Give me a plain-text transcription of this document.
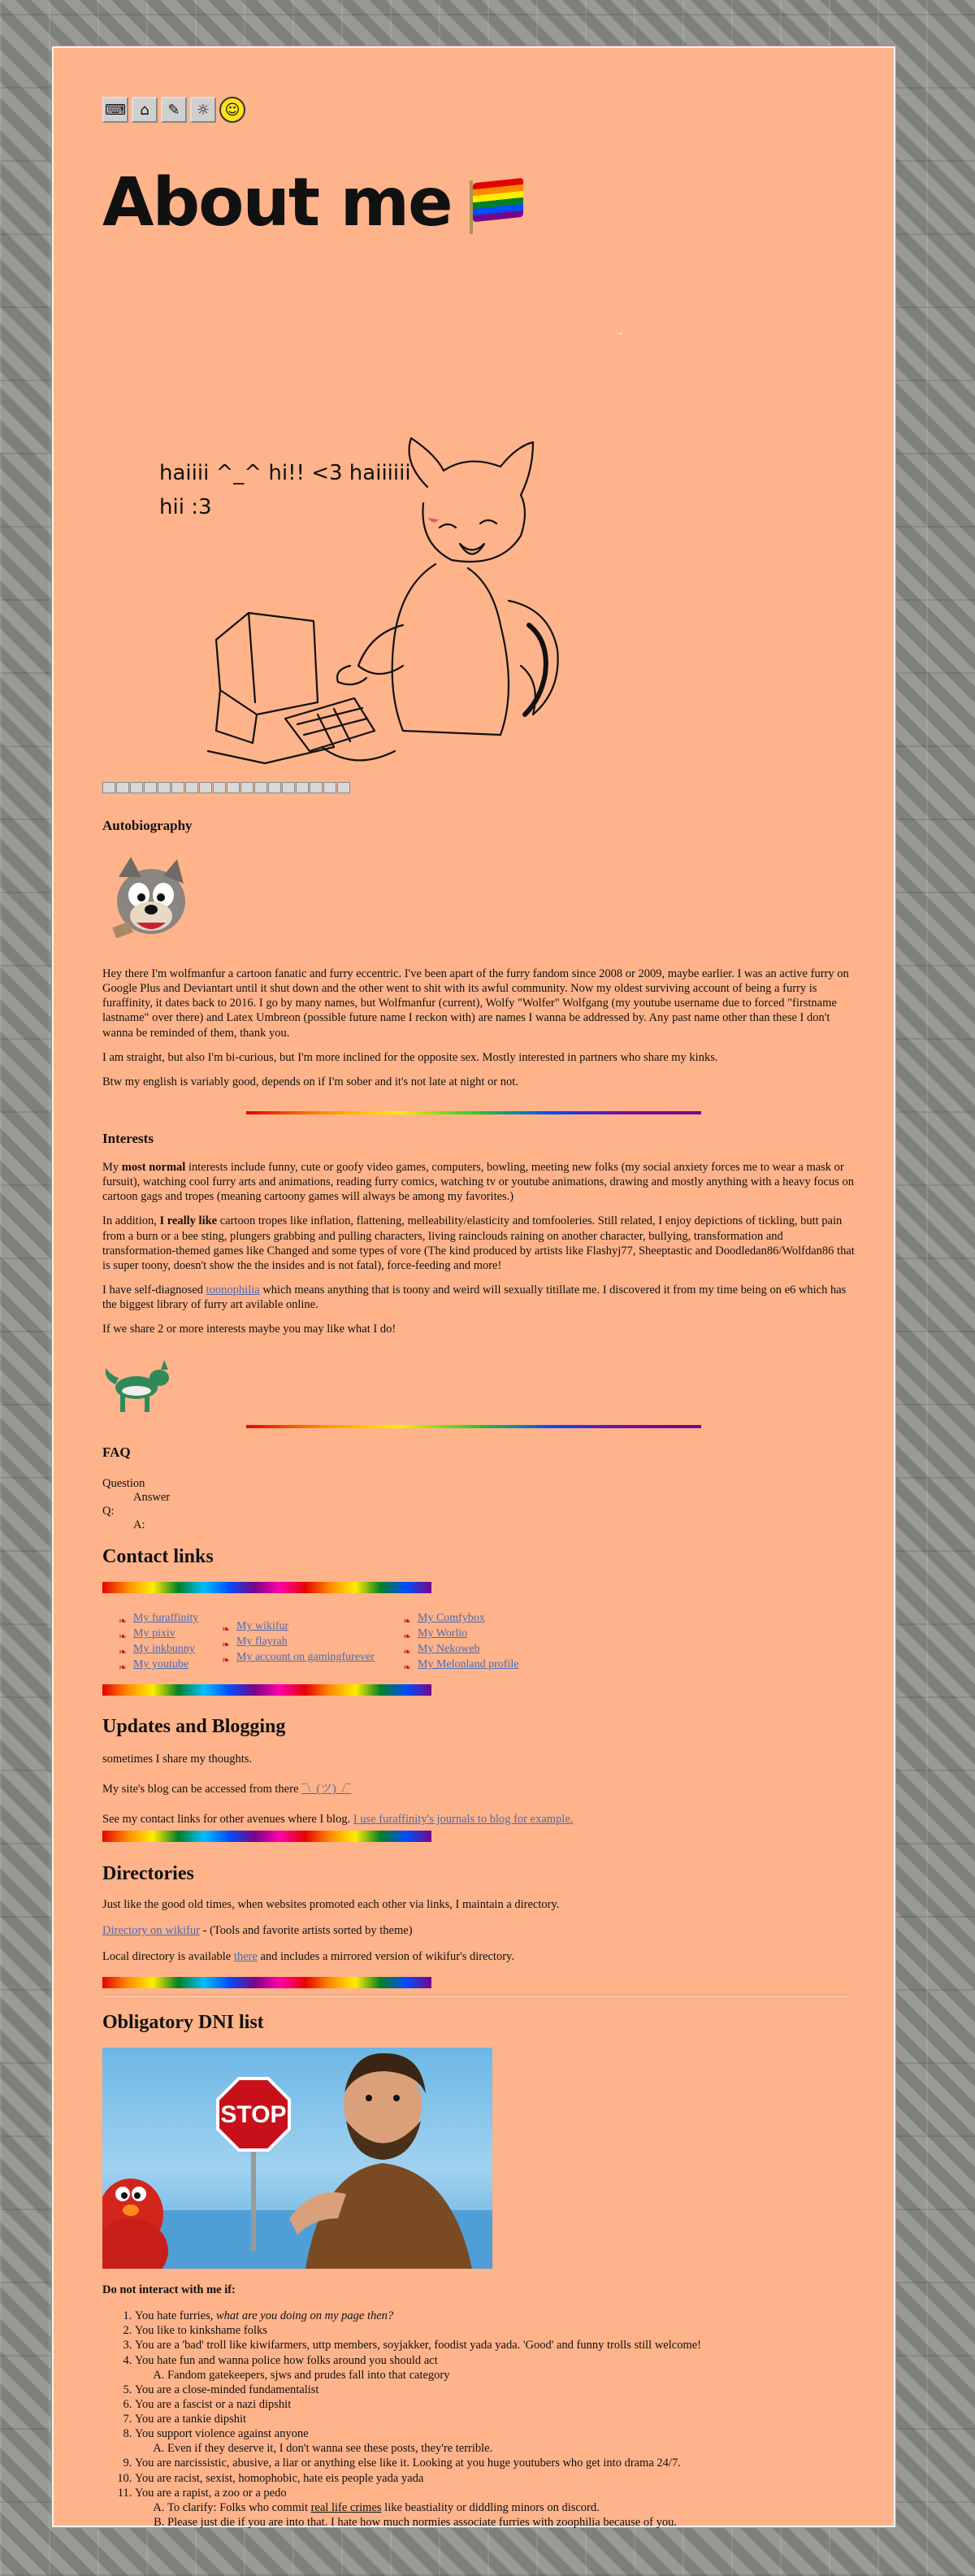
⌨ ⌂	✎	☼	☺
About me
→
haiiii ^_^ hi!! <3 haiiiiii
hii :3
Autobiography

Hey there I'm wolfmanfur a cartoon fanatic and furry eccentric. I've been apart of the furry fandom since 2008 or 2009, maybe earlier. I was an active furry on Google Plus and Deviantart until it shut down and the other went to shit with its awful community. Now my oldest surviving account of being a furry is furaffinity, it dates back to 2016. I go by many names, but Wolfmanfur (current), Wolfy "Wolfer" Wolfgang (my youtube username due to forced "firstname lastname" over there) and Latex Umbreon (possible future name I reckon with) are names I wanna be addressed by. Any past name other than these I don't wanna be reminded of them, thank you.

I am straight, but also I'm bi-curious, but I'm more inclined for the opposite sex. Mostly interested in partners who share my kinks.

Btw my english is variably good, depends on if I'm sober and it's not late at night or not.

Interests

My most normal interests include funny, cute or goofy video games, computers, bowling, meeting new folks (my social anxiety forces me to wear a mask or fursuit), watching cool furry arts and animations, reading furry comics, watching tv or youtube animations, drawing and mostly anything with a heavy focus on cartoon gags and tropes (meaning cartoony games will always be among my favorites.)

In addition, I really like cartoon tropes like inflation, flattening, melleability/elasticity and tomfooleries. Still related, I enjoy depictions of tickling, butt pain from a burn or a bee sting, plungers grabbing and pulling characters, living rainclouds raining on another character, bullying, transformation and transformation-themed games like Changed and some types of vore (The kind produced by artists like Flashyj77, Sheeptastic and Doodledan86/Wolfdan86 that is super toony, doesn't show the the insides and is not fatal), force-feeding and more!

I have self-diagnosed toonophilia which means anything that is toony and weird will sexually titillate me. I discovered it from my time being on e6 which has the biggest library of furry art avilable online.

If we share 2 or more interests maybe you may like what I do!

FAQ
Question
Answer
Q:
A:
Contact links
❧ My furaffinity
❧ My pixiv
❧ My inkbunny
❧ My youtube
❧ My wikifur
❧ My flayrah
❧ My account on gamingfurever
❧ My Comfybox
❧ My Worlio
❧ My Nekoweb
❧ My Melonland profile
Updates and Blogging

sometimes I share my thoughts.

My site's blog can be accessed from there ¯\_(ツ)_/¯

See my contact links for other avenues where I blog. I use furaffinity's journals to blog for example.

Directories

Just like the good old times, when websites promoted each other via links, I maintain a directory.

Directory on wikifur - (Tools and favorite artists sorted by theme)

Local directory is available there and includes a mirrored version of wikifur's directory.

Obligatory DNI list
STOP

Do not interact with me if:

1. You hate furries, what are you doing on my page then?
2. You like to kinkshame folks
3. You are a 'bad' troll like kiwifarmers, uttp members, soyjakker, foodist yada yada. 'Good' and funny trolls still welcome!
4. You hate fun and wanna police how folks around you should act
A. Fandom gatekeepers, sjws and prudes fall into that category
5. You are a close-minded fundamentalist
6. You are a fascist or a nazi dipshit
7. You are a tankie dipshit
8. You support violence against anyone
A. Even if they deserve it, I don't wanna see these posts, they're terrible.
9. You are narcissistic, abusive, a liar or anything else like it. Looking at you huge youtubers who get into drama 24/7.
10. You are racist, sexist, homophobic, hate eis people yada yada
11. You are a rapist, a zoo or a pedo
A. To clarify: Folks who commit real life crimes like beastiality or diddling minors on discord.
B. Please just die if you are into that. I hate how much normies associate furries with zoophilia because of you.
